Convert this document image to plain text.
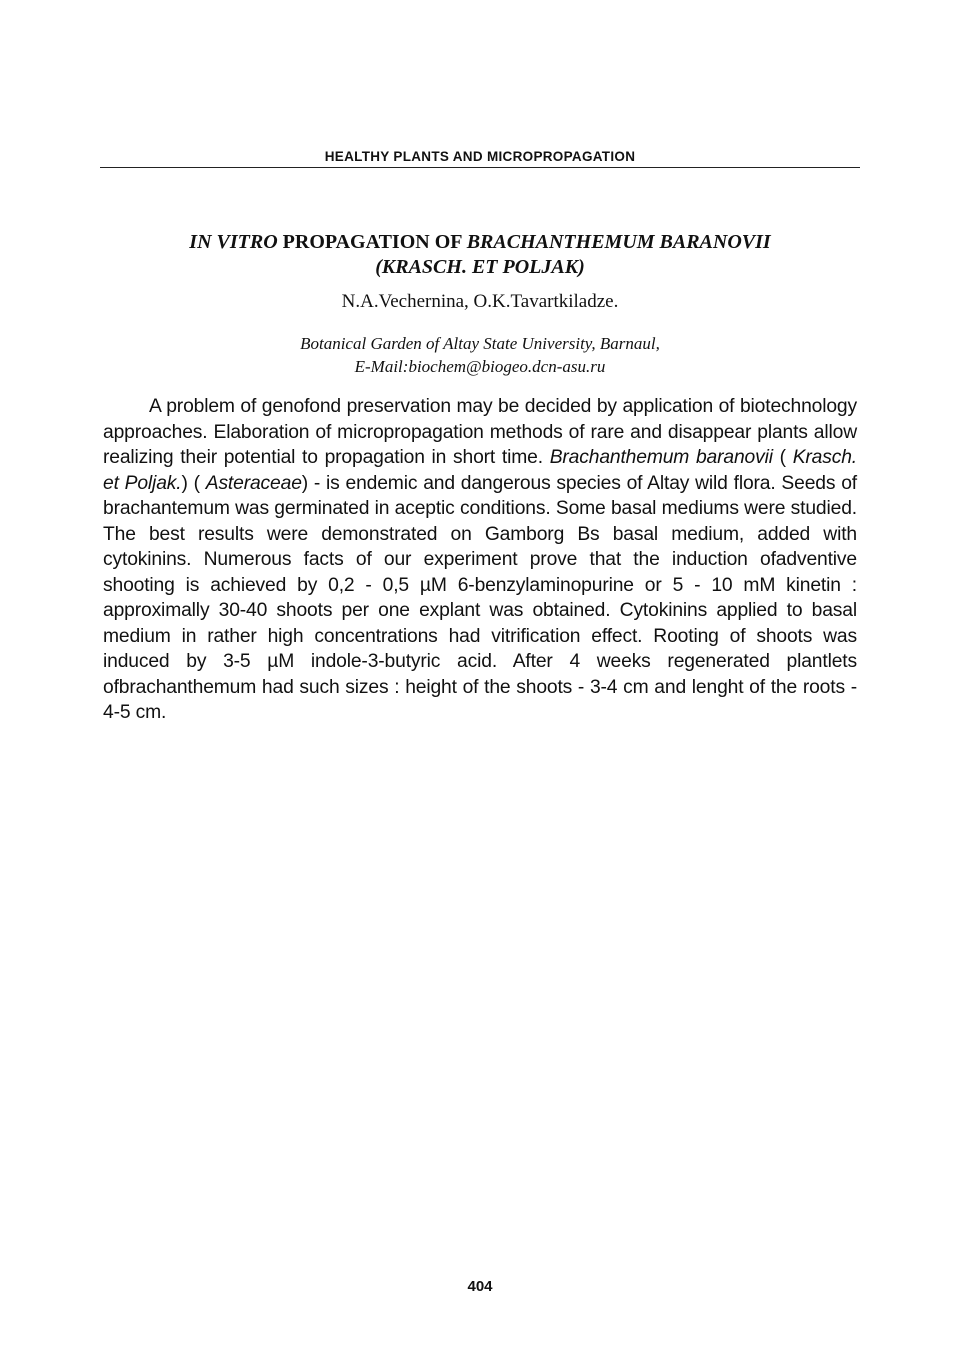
HEALTHY PLANTS AND MICROPROPAGATION
IN VITRO PROPAGATION OF BRACHANTHEMUM BARANOVII
(KRASCH. ET POLJAK)
N.A.Vechernina, O.K.Tavartkiladze.
Botanical Garden of Altay State University, Barnaul,
E-Mail:biochem@biogeo.dcn-asu.ru

A problem of genofond preservation may be decided by application of biotechnology approaches. Elaboration of micropropagation methods of rare and disappear plants allow realizing their potential to propagation in short time. Brachanthemum baranovii ( Krasch. et Poljak.) ( Asteraceae) - is endemic and dangerous species of Altay wild flora. Seeds of brachantemum was germinated in aceptic conditions. Some basal mediums were studied. The best results were demonstrated on Gamborg Bs basal medium, added with cytokinins. Numerous facts of our experiment prove that the induction ofadventive shooting is achieved by 0,2 - 0,5 µM 6-benzylaminopurine or 5 - 10 mM kinetin : approximally 30-40 shoots per one explant was obtained. Cytokinins applied to basal medium in rather high concentrations had vitrification effect. Rooting of shoots was induced by 3-5 µM indole-3-butyric acid. After 4 weeks regenerated plantlets ofbrachanthemum had such sizes : height of the shoots - 3-4 cm and lenght of the roots - 4-5 cm.

404
